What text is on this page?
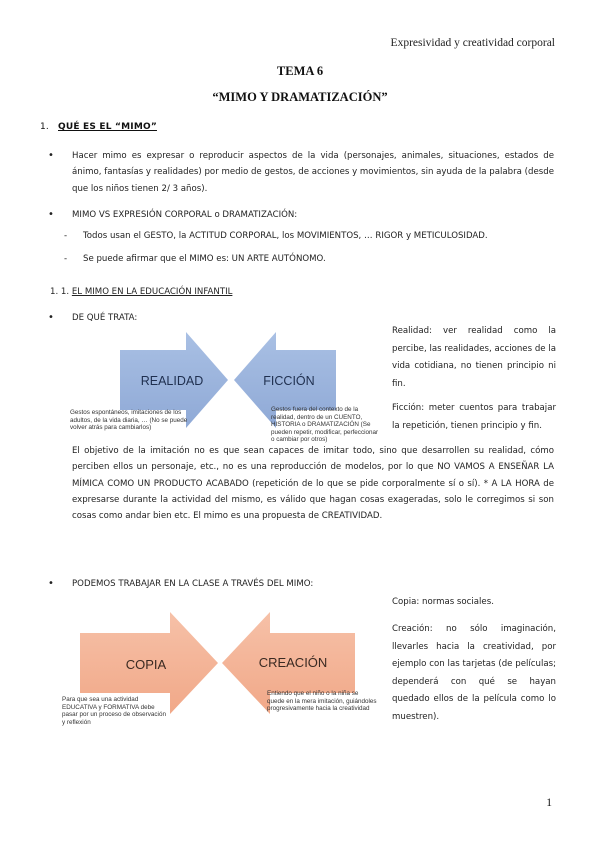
Expresividad y creatividad corporal
TEMA 6
“MIMO Y DRAMATIZACIÓN”
1. QUÉ ES EL “MIMO”
• Hacer mimo es expresar o reproducir aspectos de la vida (personajes, animales, situaciones, estados de ánimo, fantasías y realidades) por medio de gestos, de acciones y movimientos, sin ayuda de la palabra (desde que los niños tienen 2/ 3 años).
• MIMO VS EXPRESIÓN CORPORAL o DRAMATIZACIÓN:
- Todos usan el GESTO, la ACTITUD CORPORAL, los MOVIMIENTOS, … RIGOR y METICULOSIDAD.
- Se puede afirmar que el MIMO es: UN ARTE AUTÓNOMO.
1. 1. EL MIMO EN LA EDUCACIÓN INFANTIL
• DE QUÉ TRATA:
REALIDAD	FICCIÓN
Gestos espontáneos, imitaciones de los adultos, de la vida diaria, … (No se puede volver atrás para cambiarlos)
Gestos fuera del contexto de la realidad, dentro de un CUENTO, HISTORIA o DRAMATIZACIÓN (Se pueden repetir, modificar, perfeccionar o cambiar por otros)
Realidad: ver realidad como la percibe, las realidades, acciones de la vida cotidiana, no tienen principio ni fin.
Ficción: meter cuentos para trabajar la repetición, tienen principio y fin.
El objetivo de la imitación no es que sean capaces de imitar todo, sino que desarrollen su realidad, cómo perciben ellos un personaje, etc., no es una reproducción de modelos, por lo que NO VAMOS A ENSEÑAR LA MÍMICA COMO UN PRODUCTO ACABADO (repetición de lo que se pide corporalmente sí o sí). * A LA HORA de expresarse durante la actividad del mismo, es válido que hagan cosas exageradas, solo le corregimos si son cosas como andar bien etc. El mimo es una propuesta de CREATIVIDAD.
• PODEMOS TRABAJAR EN LA CLASE A TRAVÉS DEL MIMO:
COPIA	CREACIÓN
Para que sea una actividad EDUCATIVA y FORMATIVA debe pasar por un proceso de observación y reflexión
Entiendo que el niño o la niña se quede en la mera imitación, guiándoles progresivamente hacia la creatividad
Copia: normas sociales.
Creación: no sólo imaginación, llevarles hacia la creatividad, por ejemplo con las tarjetas (de películas; dependerá con qué se hayan quedado ellos de la película como lo muestren).
1
